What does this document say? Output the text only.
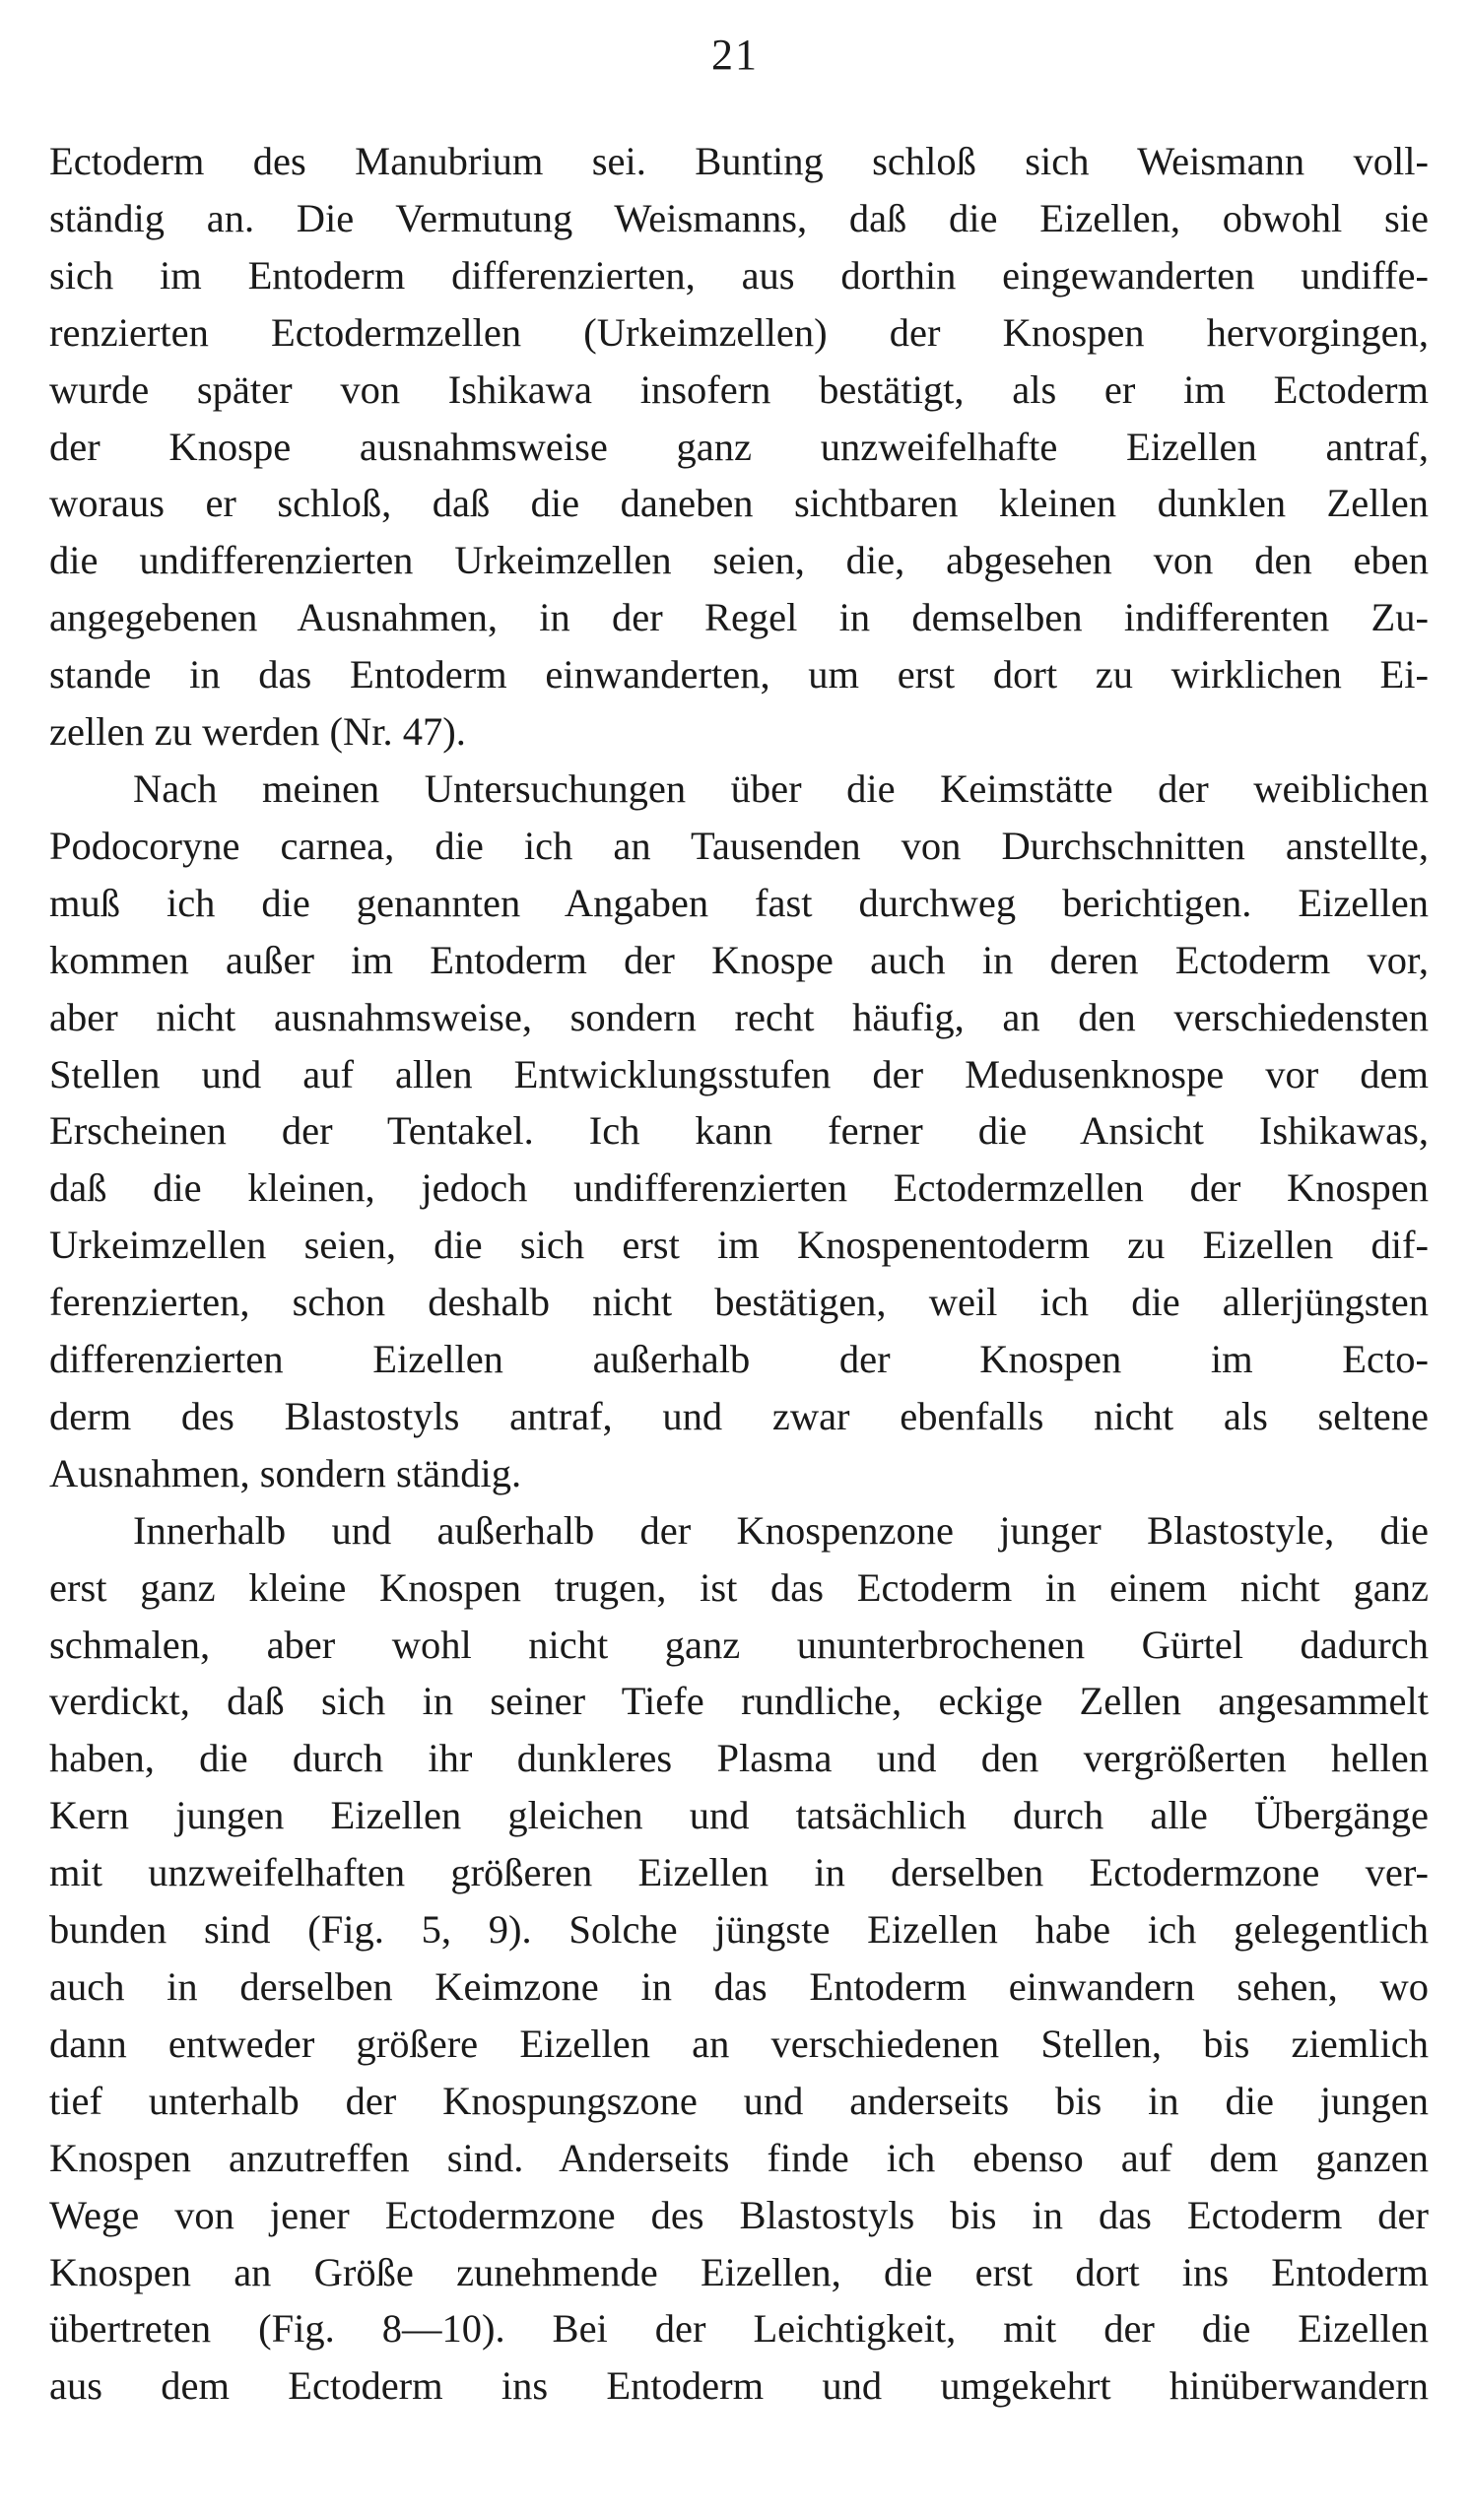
21
Ectoderm des Manubrium sei. Bunting schloß sich Weismann voll-
ständig an. Die Vermutung Weismanns, daß die Eizellen, obwohl sie
sich im Entoderm differenzierten, aus dorthin eingewanderten undiffe-
renzierten Ectodermzellen (Urkeimzellen) der Knospen hervorgingen,
wurde später von Ishikawa insofern bestätigt, als er im Ectoderm
der Knospe ausnahmsweise ganz unzweifelhafte Eizellen antraf,
woraus er schloß, daß die daneben sichtbaren kleinen dunklen Zellen
die undifferenzierten Urkeimzellen seien, die, abgesehen von den eben
angegebenen Ausnahmen, in der Regel in demselben indifferenten Zu-
stande in das Entoderm einwanderten, um erst dort zu wirklichen Ei-
zellen zu werden (Nr. 47).
Nach meinen Untersuchungen über die Keimstätte der weiblichen
Podocoryne carnea, die ich an Tausenden von Durchschnitten anstellte,
muß ich die genannten Angaben fast durchweg berichtigen. Eizellen
kommen außer im Entoderm der Knospe auch in deren Ectoderm vor,
aber nicht ausnahmsweise, sondern recht häufig, an den verschiedensten
Stellen und auf allen Entwicklungsstufen der Medusenknospe vor dem
Erscheinen der Tentakel. Ich kann ferner die Ansicht Ishikawas,
daß die kleinen, jedoch undifferenzierten Ectodermzellen der Knospen
Urkeimzellen seien, die sich erst im Knospenentoderm zu Eizellen dif-
ferenzierten, schon deshalb nicht bestätigen, weil ich die allerjüngsten
differenzierten Eizellen außerhalb der Knospen im Ecto-
derm des Blastostyls antraf, und zwar ebenfalls nicht als seltene
Ausnahmen, sondern ständig.
Innerhalb und außerhalb der Knospenzone junger Blastostyle, die
erst ganz kleine Knospen trugen, ist das Ectoderm in einem nicht ganz
schmalen, aber wohl nicht ganz ununterbrochenen Gürtel dadurch
verdickt, daß sich in seiner Tiefe rundliche, eckige Zellen angesammelt
haben, die durch ihr dunkleres Plasma und den vergrößerten hellen
Kern jungen Eizellen gleichen und tatsächlich durch alle Übergänge
mit unzweifelhaften größeren Eizellen in derselben Ectodermzone ver-
bunden sind (Fig. 5, 9). Solche jüngste Eizellen habe ich gelegentlich
auch in derselben Keimzone in das Entoderm einwandern sehen, wo
dann entweder größere Eizellen an verschiedenen Stellen, bis ziemlich
tief unterhalb der Knospungszone und anderseits bis in die jungen
Knospen anzutreffen sind. Anderseits finde ich ebenso auf dem ganzen
Wege von jener Ectodermzone des Blastostyls bis in das Ectoderm der
Knospen an Größe zunehmende Eizellen, die erst dort ins Entoderm
übertreten (Fig. 8—10). Bei der Leichtigkeit, mit der die Eizellen
aus dem Ectoderm ins Entoderm und umgekehrt hinüberwandern
